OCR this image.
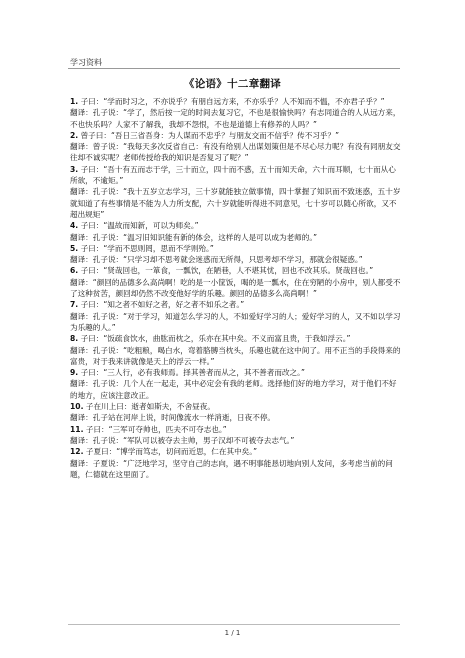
学习资料
《论语》十二章翻译

1. 子曰：“学而时习之，不亦说乎？有朋自远方来，不亦乐乎？人不知而不愠，不亦君子乎？”

翻译：孔子说：“学了，然后按一定的时间去复习它，不也是很愉快吗？有志同道合的人从远方来，不也快乐吗？人家不了解我，我却不怨恨，不也是道德上有修养的人吗？”

2. 曾子曰：“吾日三省吾身：为人谋而不忠乎？与朋友交而不信乎？传不习乎？”

翻译：曾子说：“我每天多次反省自己：有没有给别人出谋划策但是不尽心尽力呢？有没有同朋友交往却不诚实呢？老师传授给我的知识是否复习了呢？”

3. 子曰：“吾十有五而志于学，三十而立，四十而不惑，五十而知天命，六十而耳顺，七十而从心所欲，不逾矩。”

翻译：孔子说：“我十五岁立志学习，三十岁就能独立做事情，四十掌握了知识而不致迷惑，五十岁就知道了有些事情是不能为人力所支配，六十岁就能听得进不同意见，七十岁可以随心所欲，又不超出规矩”

4. 子曰：“温故而知新，可以为师矣。”

翻译：孔子说：“温习旧知识能有新的体会，这样的人是可以成为老师的。”

5. 子曰：“学而不思则罔，思而不学则殆。”

翻译：孔子说：“只学习却不思考就会迷惑而无所得，只思考却不学习，那就会很疑惑。”

6. 子曰：“贤哉回也，一箪食，一瓢饮，在陋巷，人不堪其忧，回也不改其乐。贤哉回也。”

翻译：“颜回的品德多么高尚啊！吃的是一小筐饭，喝的是一瓢水，住在穷陋的小房中，别人都受不了这种贫苦，颜回却仍然不改变他好学的乐趣。颜回的品德多么高尚啊！”

7. 子曰：“知之者不如好之者，好之者不如乐之者。”

翻译：孔子说：“对于学习，知道怎么学习的人，不如爱好学习的人；爱好学习的人，又不如以学习为乐趣的人。”

8. 子曰：“饭疏食饮水，曲肱而枕之，乐亦在其中矣。不义而富且贵，于我如浮云。”

翻译：孔子说：“吃粗粮，喝白水，弯着胳膊当枕头，乐趣也就在这中间了。用不正当的手段得来的富贵，对于我来讲就像是天上的浮云一样。”

9. 子曰：“三人行，必有我师焉。择其善者而从之，其不善者而改之。”

翻译：孔子说：几个人在一起走，其中必定会有我的老师。选择他们好的地方学习，对于他们不好的地方，应该注意改正。

10. 子在川上曰：逝者如斯夫，不舍昼夜。

翻译：孔子站在河岸上说，时间像流水一样消逝，日夜不停。

11. 子曰：“三军可夺帅也，匹夫不可夺志也。”

翻译：孔子说：“军队可以被夺去主帅，男子汉却不可被夺去志气。”

12. 子夏曰：“博学而笃志，切问而近思，仁在其中矣。”

翻译：子夏说：“广泛地学习，坚守自己的志向，遇不明事能恳切地向别人发问，多考虑当前的问题，仁德就在这里面了。

1 / 1
